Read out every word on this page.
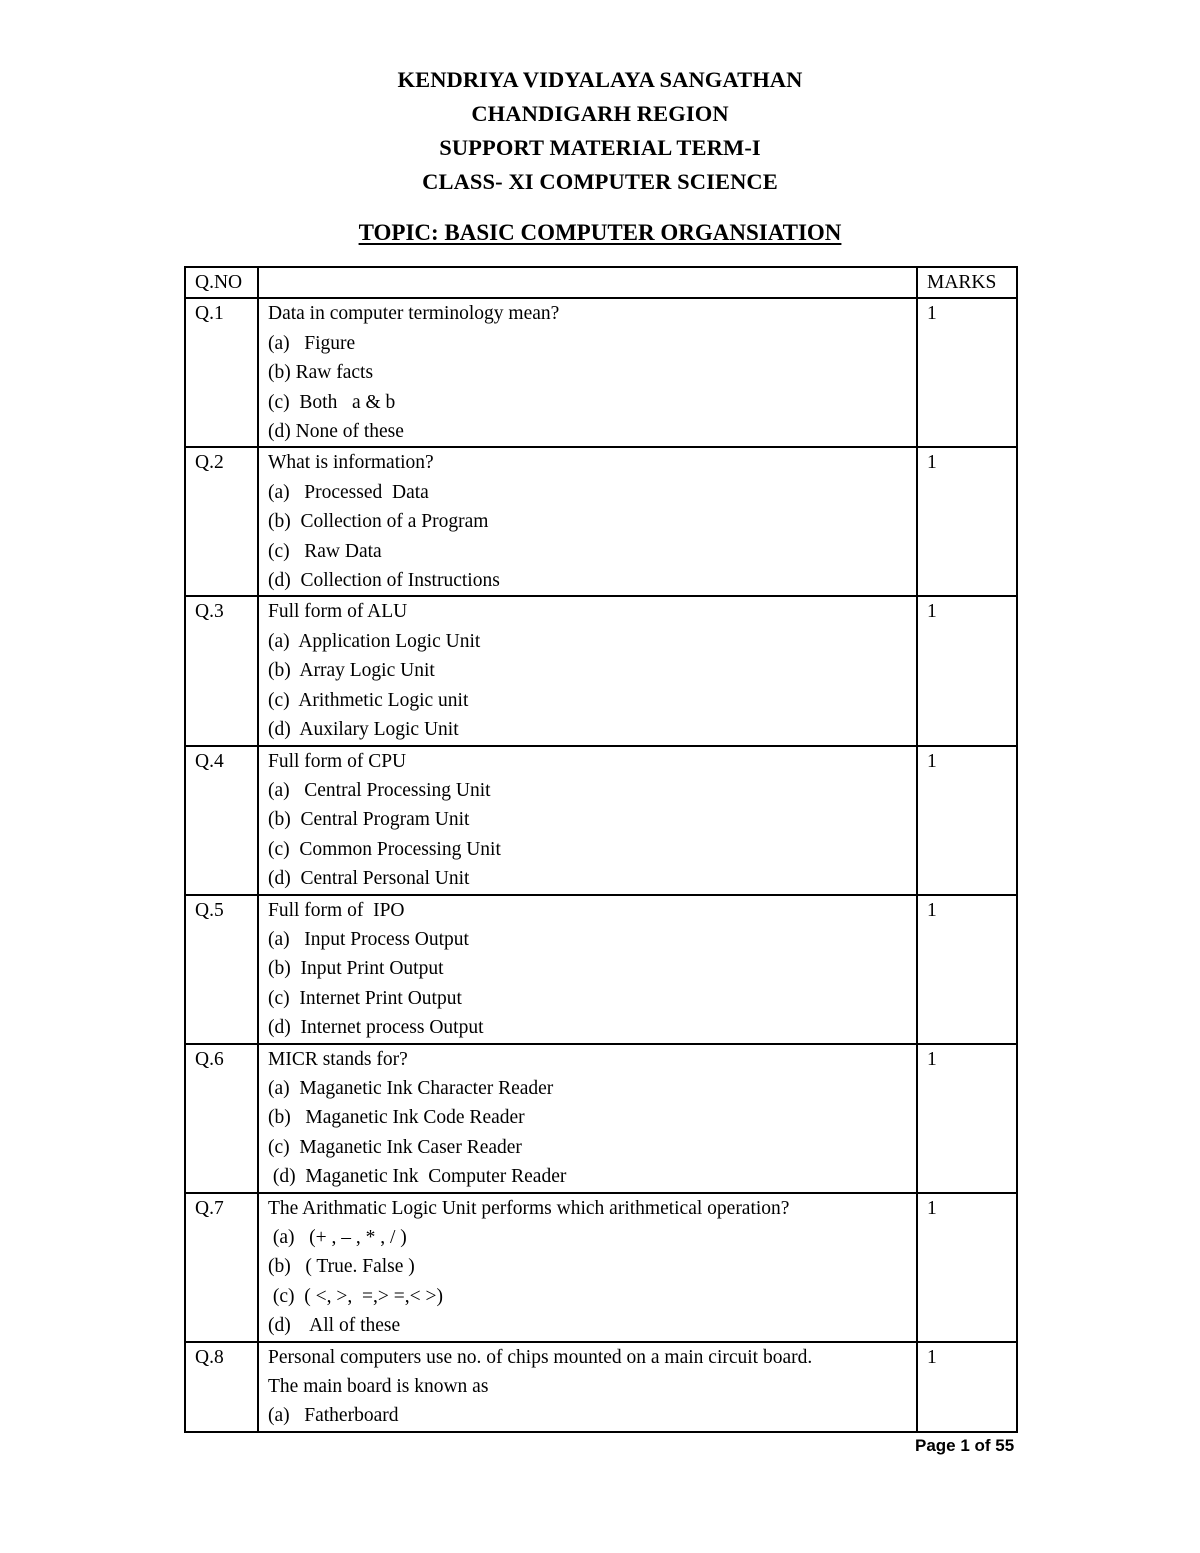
KENDRIYA VIDYALAYA SANGATHAN
CHANDIGARH REGION
SUPPORT MATERIAL TERM-I
CLASS- XI COMPUTER SCIENCE
TOPIC: BASIC COMPUTER ORGANSIATION
Q.NO		MARKS
Q.1	Data in computer terminology mean?
(a)   Figure
(b) Raw facts
(c)  Both   a & b
(d) None of these	1
Q.2	What is information?
(a)   Processed  Data
(b)  Collection of a Program
(c)   Raw Data
(d)  Collection of Instructions	1
Q.3	Full form of ALU
(a)  Application Logic Unit
(b)  Array Logic Unit
(c)  Arithmetic Logic unit
(d)  Auxilary Logic Unit	1
Q.4	Full form of CPU
(a)   Central Processing Unit
(b)  Central Program Unit
(c)  Common Processing Unit
(d)  Central Personal Unit	1
Q.5	Full form of  IPO
(a)   Input Process Output
(b)  Input Print Output
(c)  Internet Print Output
(d)  Internet process Output	1
Q.6	MICR stands for?
(a)  Maganetic Ink Character Reader
(b)   Maganetic Ink Code Reader
(c)  Maganetic Ink Caser Reader
(d)  Maganetic Ink  Computer Reader	1
Q.7	The Arithmatic Logic Unit performs which arithmetical operation?
(a)   (+ , – , * , / )
(b)   ( True. False )
(c)  ( <, >,  =,> =,< >)
(d)    All of these	1
Q.8	Personal computers use no. of chips mounted on a main circuit board.
The main board is known as
(a)   Fatherboard	1
Page 1 of 55
